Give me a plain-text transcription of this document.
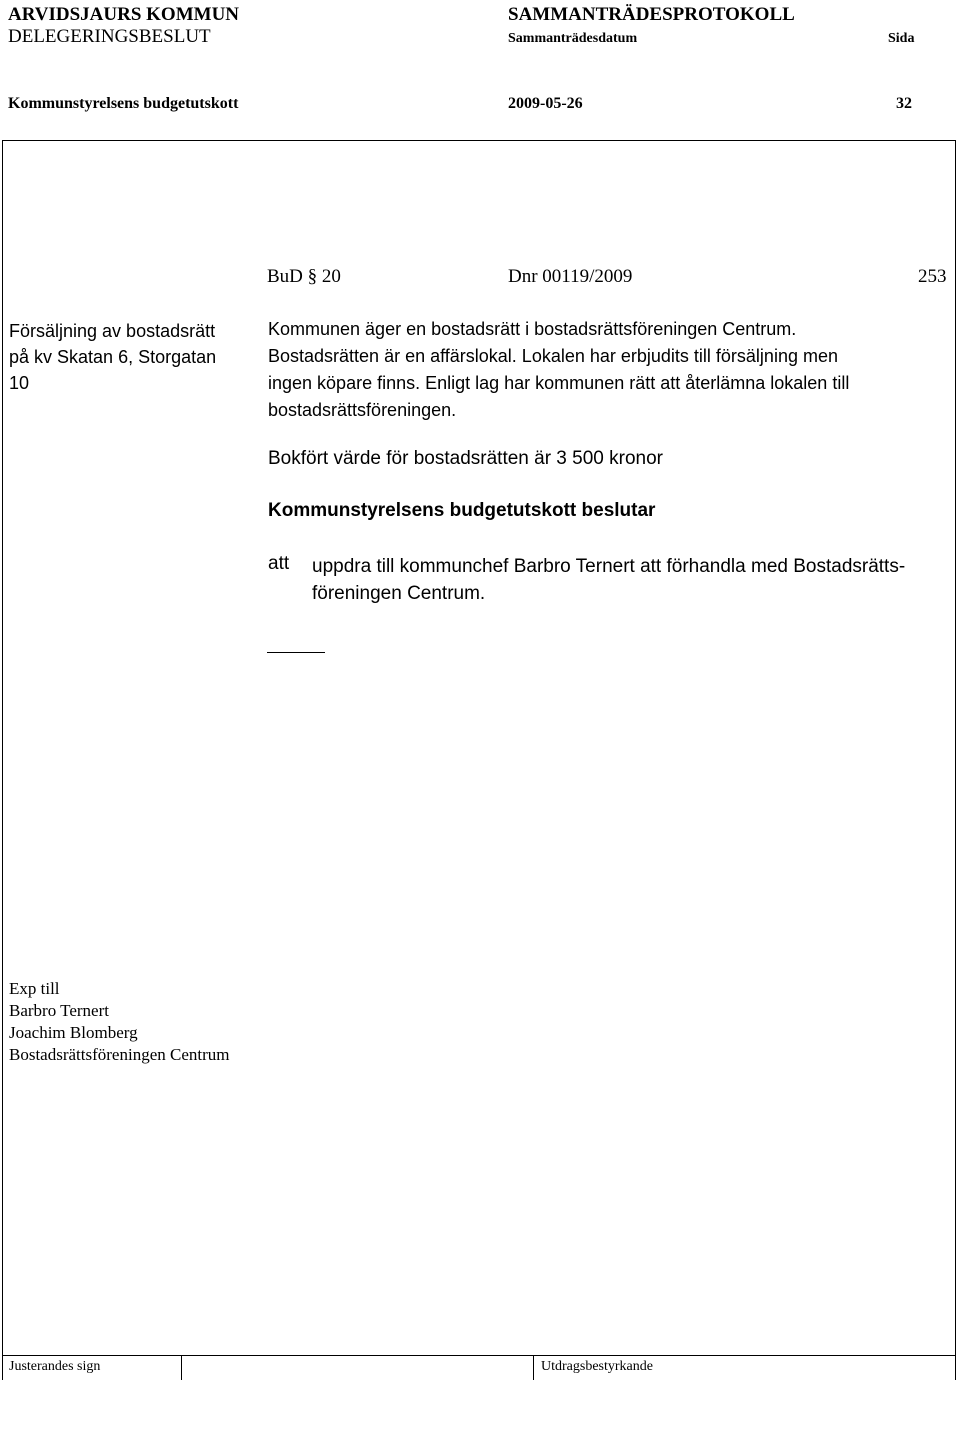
ARVIDSJAURS KOMMUN
DELEGERINGSBESLUT
SAMMANTRÄDESPROTOKOLL
Sammanträdesdatum	Sida
Kommunstyrelsens budgetutskott	2009-05-26	32
BuD § 20	Dnr 00119/2009	253
Försäljning av bostadsrätt
på kv Skatan 6, Storgatan
10
Kommunen äger en bostadsrätt i bostadsrättsföreningen Centrum.
Bostadsrätten är en affärslokal. Lokalen har erbjudits till försäljning men
ingen köpare finns. Enligt lag har kommunen rätt att återlämna lokalen till
bostadsrättsföreningen.
Bokfört värde för bostadsrätten är 3 500 kronor
Kommunstyrelsens budgetutskott beslutar
att uppdra till kommunchef Barbro Ternert att förhandla med Bostadsrätts-
föreningen Centrum.
Exp till
Barbro Ternert
Joachim Blomberg
Bostadsrättsföreningen Centrum
Justerandes sign	Utdragsbestyrkande
